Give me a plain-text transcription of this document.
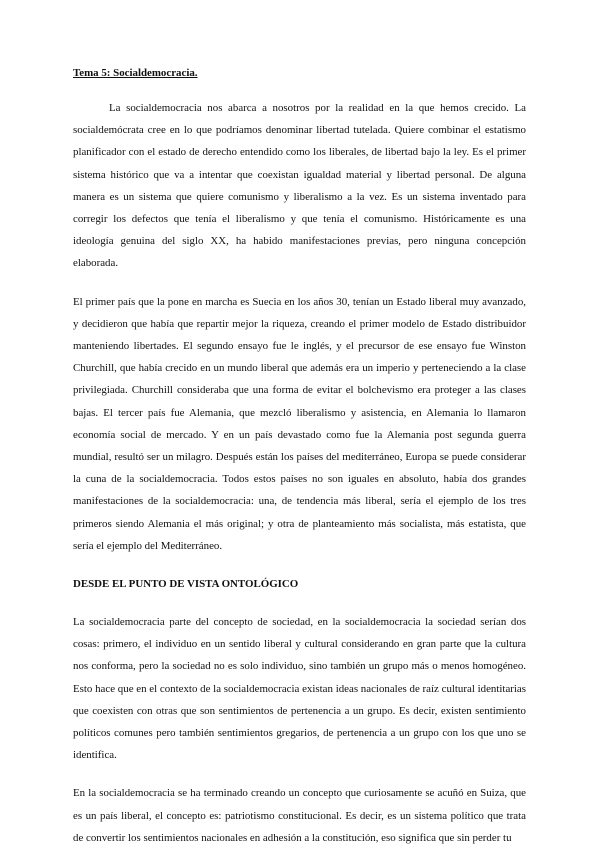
Tema 5: Socialdemocracia.

La socialdemocracia nos abarca a nosotros por la realidad en la que hemos crecido. La socialdemócrata cree en lo que podríamos denominar libertad tutelada. Quiere combinar el estatismo planificador con el estado de derecho entendido como los liberales, de libertad bajo la ley. Es el primer sistema histórico que va a intentar que coexistan igualdad material y libertad personal. De alguna manera es un sistema que quiere comunismo y liberalismo a la vez. Es un sistema inventado para corregir los defectos que tenía el liberalismo y que tenía el comunismo. Históricamente es una ideología genuina del siglo XX, ha habido manifestaciones previas, pero ninguna concepción elaborada.

El primer país que la pone en marcha es Suecia en los años 30, tenían un Estado liberal muy avanzado, y decidieron que había que repartir mejor la riqueza, creando el primer modelo de Estado distribuidor manteniendo libertades. El segundo ensayo fue le inglés, y el precursor de ese ensayo fue Winston Churchill, que había crecido en un mundo liberal que además era un imperio y perteneciendo a la clase privilegiada. Churchill consideraba que una forma de evitar el bolchevismo era proteger a las clases bajas. El tercer país fue Alemania, que mezcló liberalismo y asistencia, en Alemania lo llamaron economía social de mercado. Y en un país devastado como fue la Alemania post segunda guerra mundial, resultó ser un milagro. Después están los países del mediterráneo, Europa se puede considerar la cuna de la socialdemocracia. Todos estos países no son iguales en absoluto, había dos grandes manifestaciones de la socialdemocracia: una, de tendencia más liberal, sería el ejemplo de los tres primeros siendo Alemania el más original; y otra de planteamiento más socialista, más estatista, que sería el ejemplo del Mediterráneo.

DESDE EL PUNTO DE VISTA ONTOLÓGICO

La socialdemocracia parte del concepto de sociedad, en la socialdemocracia la sociedad serían dos cosas: primero, el individuo en un sentido liberal y cultural considerando en gran parte que la cultura nos conforma, pero la sociedad no es solo individuo, sino también un grupo más o menos homogéneo. Esto hace que en el contexto de la socialdemocracia existan ideas nacionales de raíz cultural identitarias que coexisten con otras que son sentimientos de pertenencia a un grupo. Es decir, existen sentimiento políticos comunes pero también sentimientos gregarios, de pertenencia a un grupo con los que uno se identifica.

En la socialdemocracia se ha terminado creando un concepto que curiosamente se acuñó en Suiza, que es un país liberal, el concepto es: patriotismo constitucional. Es decir, es un sistema político que trata de convertir los sentimientos nacionales en adhesión a la constitución, eso significa que sin perder tu
